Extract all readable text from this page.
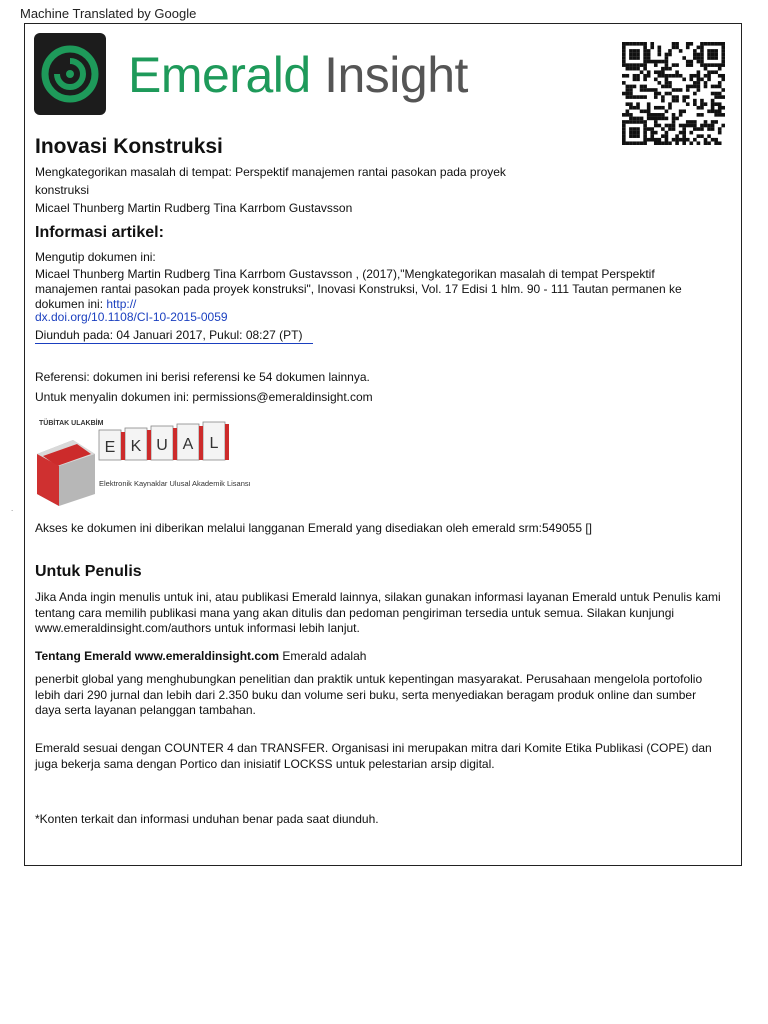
Machine Translated by Google
Emerald Insight
Inovasi Konstruksi
Mengkategorikan masalah di tempat: Perspektif manajemen rantai pasokan pada proyek
konstruksi
Micael Thunberg Martin Rudberg Tina Karrbom Gustavsson
Informasi artikel:
Mengutip dokumen ini:
Micael Thunberg Martin Rudberg Tina Karrbom Gustavsson , (2017),"Mengkategorikan masalah di tempat Perspektif
manajemen rantai pasokan pada proyek konstruksi", Inovasi Konstruksi, Vol. 17 Edisi 1 hlm. 90 - 111 Tautan permanen ke
dokumen ini: http://
dx.doi.org/10.1108/CI-10-2015-0059
Diunduh pada: 04 Januari 2017, Pukul: 08:27 (PT)
Referensi: dokumen ini berisi referensi ke 54 dokumen lainnya.
Untuk menyalin dokumen ini: permissions@emeraldinsight.com
TÜBİTAK ULAKBİM
E K U A L
Elektronik Kaynaklar Ulusal Akademik Lisansı
Akses ke dokumen ini diberikan melalui langganan Emerald yang disediakan oleh emerald srm:549055 []
Untuk Penulis
Jika Anda ingin menulis untuk ini, atau publikasi Emerald lainnya, silakan gunakan informasi layanan Emerald untuk Penulis kami tentang cara memilih publikasi mana yang akan ditulis dan pedoman pengiriman tersedia untuk semua. Silakan kunjungi www.emeraldinsight.com/authors untuk informasi lebih lanjut.
Tentang Emerald www.emeraldinsight.com Emerald adalah
penerbit global yang menghubungkan penelitian dan praktik untuk kepentingan masyarakat. Perusahaan mengelola portofolio lebih dari 290 jurnal dan lebih dari 2.350 buku dan volume seri buku, serta menyediakan beragam produk online dan sumber daya serta layanan pelanggan tambahan.
Emerald sesuai dengan COUNTER 4 dan TRANSFER. Organisasi ini merupakan mitra dari Komite Etika Publikasi (COPE) dan juga bekerja sama dengan Portico dan inisiatif LOCKSS untuk pelestarian arsip digital.
*Konten terkait dan informasi unduhan benar pada saat diunduh.
.
